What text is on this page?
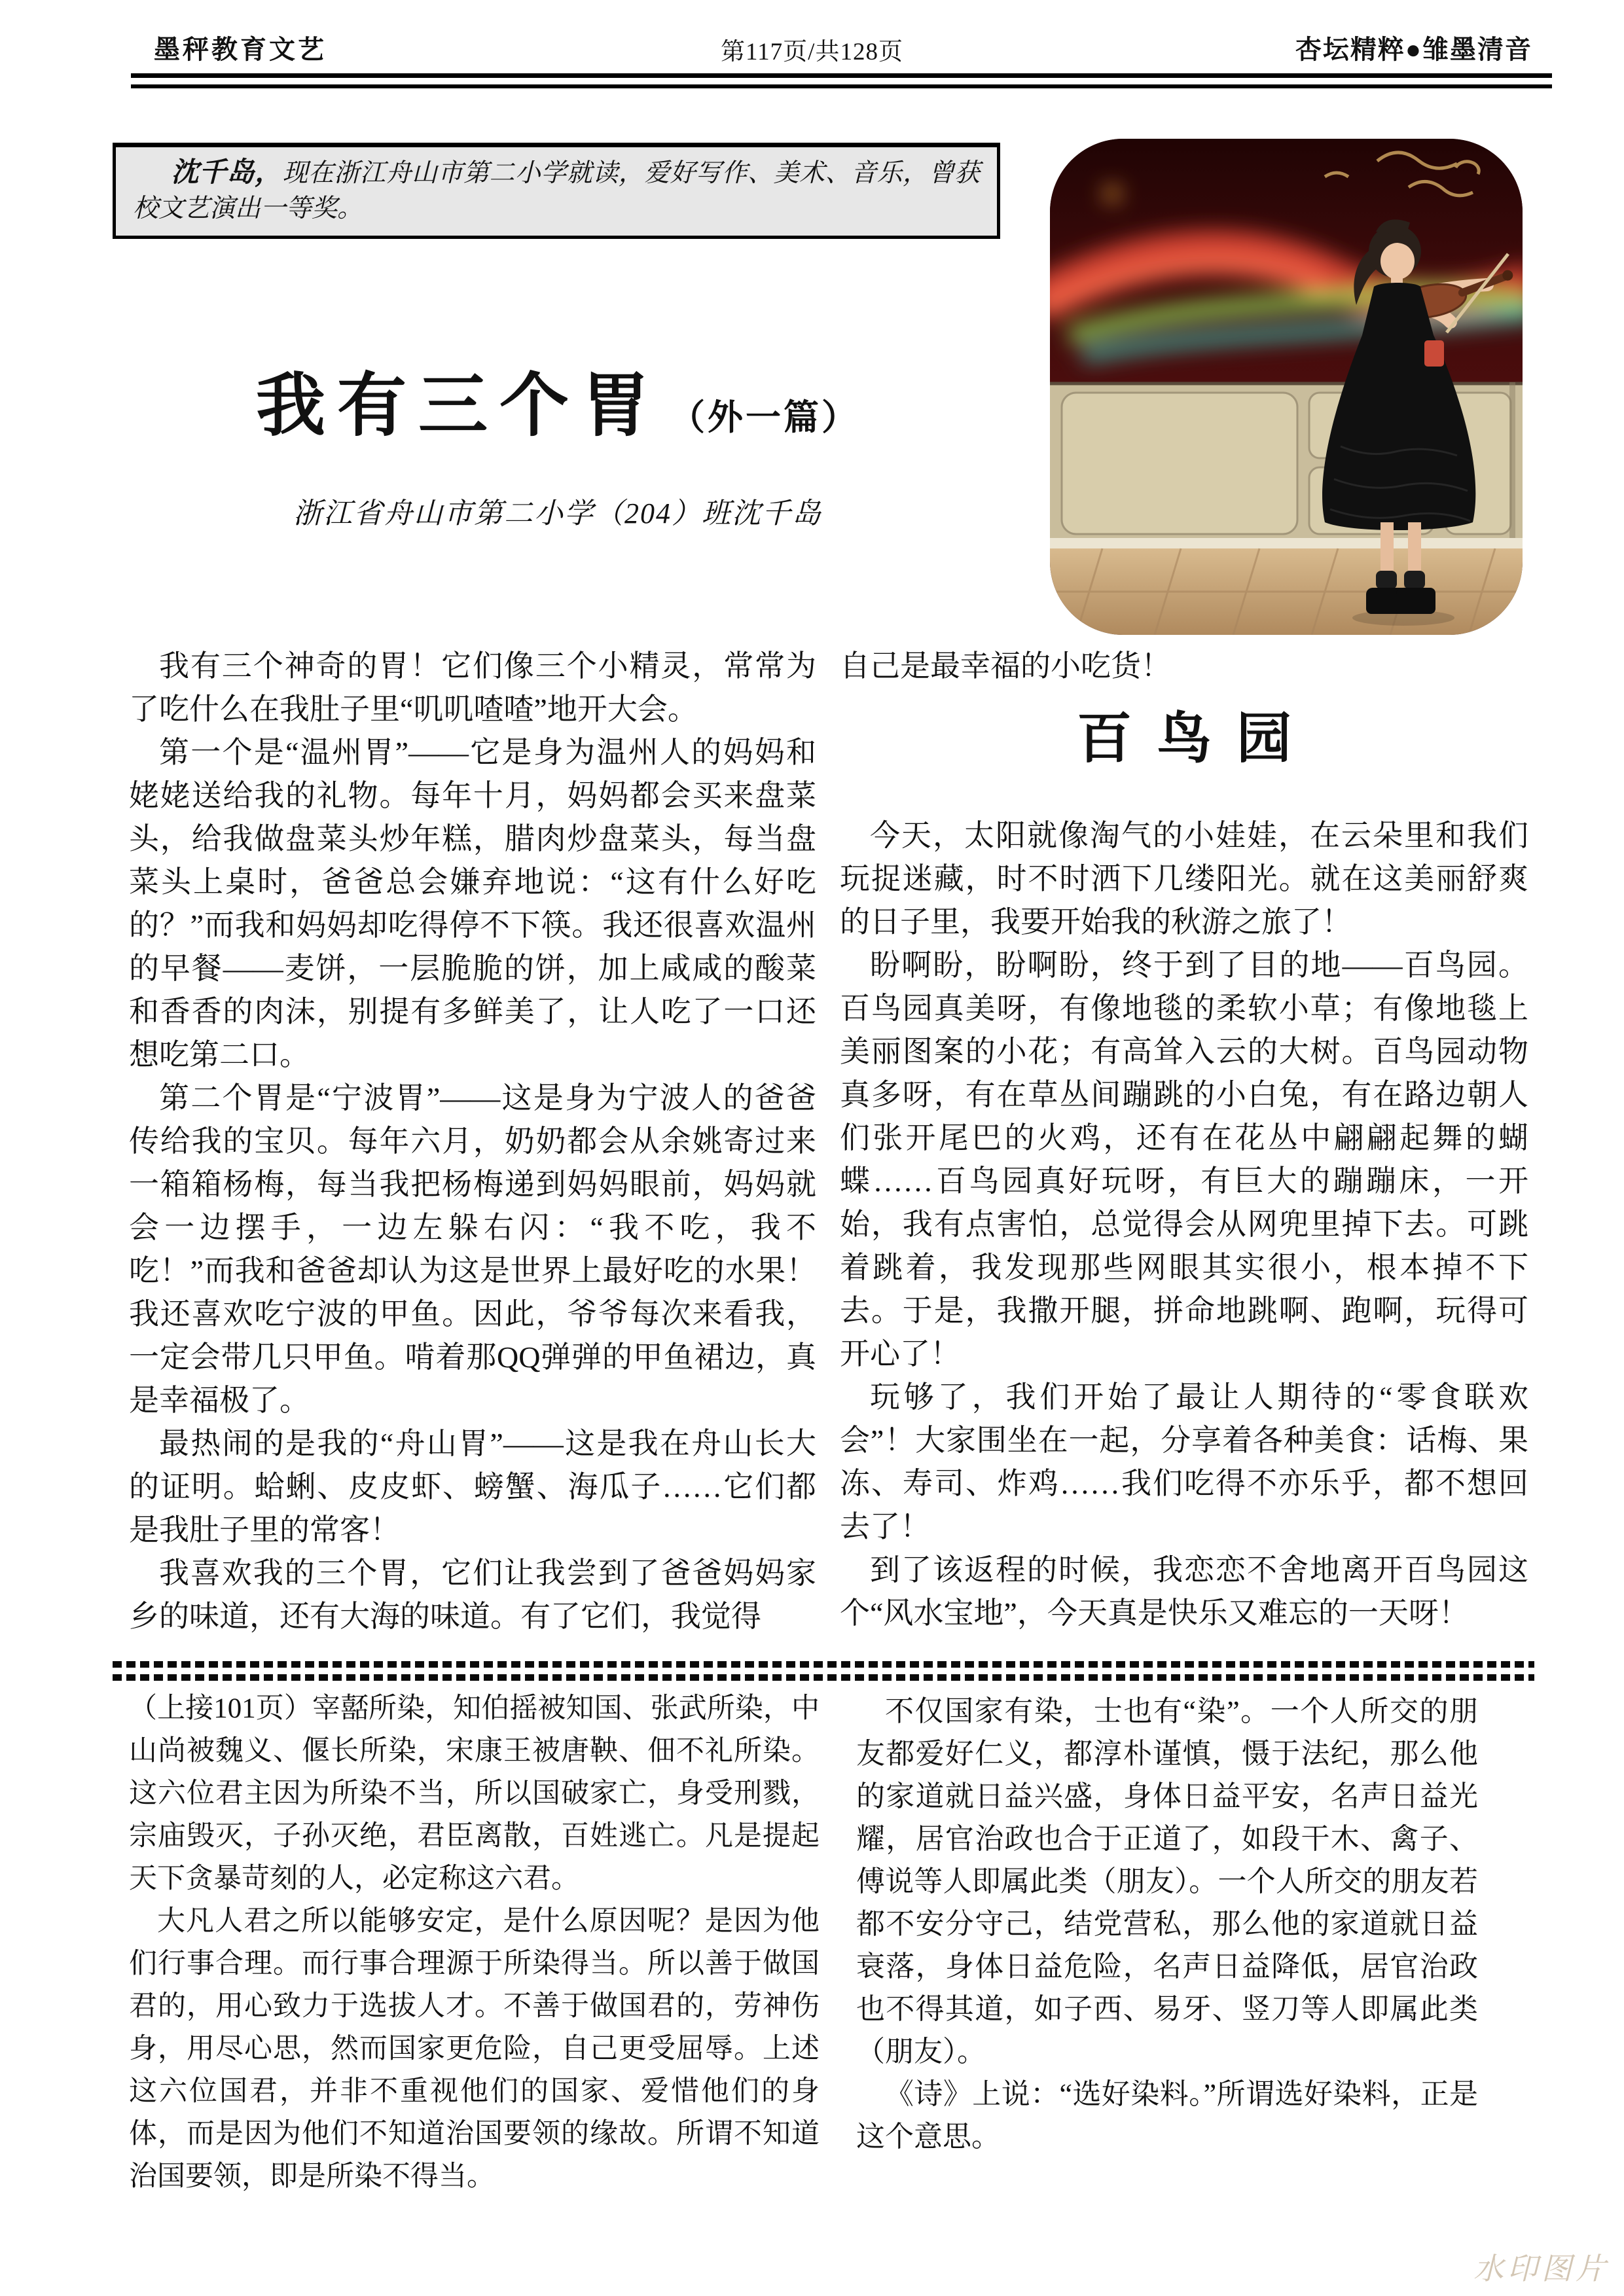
墨秤教育文艺	第117页/共128页	杏坛精粹●雏墨清音

沈千岛，现在浙江舟山市第二小学就读，爱好写作、美术、音乐，曾获校文艺演出一等奖。

我有三个胃 （外一篇）
浙江省舟山市第二小学（204）班沈千岛

我有三个神奇的胃！它们像三个小精灵，常常为了吃什么在我肚子里“叽叽喳喳”地开大会。

第一个是“温州胃”——它是身为温州人的妈妈和姥姥送给我的礼物。每年十月，妈妈都会买来盘菜头，给我做盘菜头炒年糕，腊肉炒盘菜头，每当盘菜头上桌时，爸爸总会嫌弃地说：“这有什么好吃的？”而我和妈妈却吃得停不下筷。我还很喜欢温州的早餐——麦饼，一层脆脆的饼，加上咸咸的酸菜和香香的肉沫，别提有多鲜美了，让人吃了一口还想吃第二口。

第二个胃是“宁波胃”——这是身为宁波人的爸爸传给我的宝贝。每年六月，奶奶都会从余姚寄过来一箱箱杨梅，每当我把杨梅递到妈妈眼前，妈妈就会一边摆手，一边左躲右闪：“我不吃，我不吃！”而我和爸爸却认为这是世界上最好吃的水果！我还喜欢吃宁波的甲鱼。因此，爷爷每次来看我，一定会带几只甲鱼。啃着那QQ弹弹的甲鱼裙边，真是幸福极了。

最热闹的是我的“舟山胃”——这是我在舟山长大的证明。蛤蜊、皮皮虾、螃蟹、海瓜子……它们都是我肚子里的常客！

我喜欢我的三个胃，它们让我尝到了爸爸妈妈家乡的味道，还有大海的味道。有了它们，我觉得

自己是最幸福的小吃货！

百鸟园

今天，太阳就像淘气的小娃娃，在云朵里和我们玩捉迷藏，时不时洒下几缕阳光。就在这美丽舒爽的日子里，我要开始我的秋游之旅了！

盼啊盼，盼啊盼，终于到了目的地——百鸟园。百鸟园真美呀，有像地毯的柔软小草；有像地毯上美丽图案的小花；有高耸入云的大树。百鸟园动物真多呀，有在草丛间蹦跳的小白兔，有在路边朝人们张开尾巴的火鸡，还有在花丛中翩翩起舞的蝴蝶……百鸟园真好玩呀，有巨大的蹦蹦床，一开始，我有点害怕，总觉得会从网兜里掉下去。可跳着跳着，我发现那些网眼其实很小，根本掉不下去。于是，我撒开腿，拼命地跳啊、跑啊，玩得可开心了！

玩够了，我们开始了最让人期待的“零食联欢会”！大家围坐在一起，分享着各种美食：话梅、果冻、寿司、炸鸡……我们吃得不亦乐乎，都不想回去了！

到了该返程的时候，我恋恋不舍地离开百鸟园这个“风水宝地”，今天真是快乐又难忘的一天呀！

（上接101页）宰嚭所染，知伯摇被知国、张武所染，中山尚被魏义、偃长所染，宋康王被唐鞅、佃不礼所染。这六位君主因为所染不当，所以国破家亡，身受刑戮，宗庙毁灭，子孙灭绝，君臣离散，百姓逃亡。凡是提起天下贪暴苛刻的人，必定称这六君。

大凡人君之所以能够安定，是什么原因呢？是因为他们行事合理。而行事合理源于所染得当。所以善于做国君的，用心致力于选拔人才。不善于做国君的，劳神伤身，用尽心思，然而国家更危险，自己更受屈辱。上述这六位国君，并非不重视他们的国家、爱惜他们的身体，而是因为他们不知道治国要领的缘故。所谓不知道治国要领，即是所染不得当。

不仅国家有染，士也有“染”。一个人所交的朋友都爱好仁义，都淳朴谨慎，慑于法纪，那么他的家道就日益兴盛，身体日益平安，名声日益光耀，居官治政也合于正道了，如段干木、禽子、傅说等人即属此类（朋友）。一个人所交的朋友若都不安分守己，结党营私，那么他的家道就日益衰落，身体日益危险，名声日益降低，居官治政也不得其道，如子西、易牙、竖刀等人即属此类（朋友）。

《诗》上说：“选好染料。”所谓选好染料，正是这个意思。

水印图片
